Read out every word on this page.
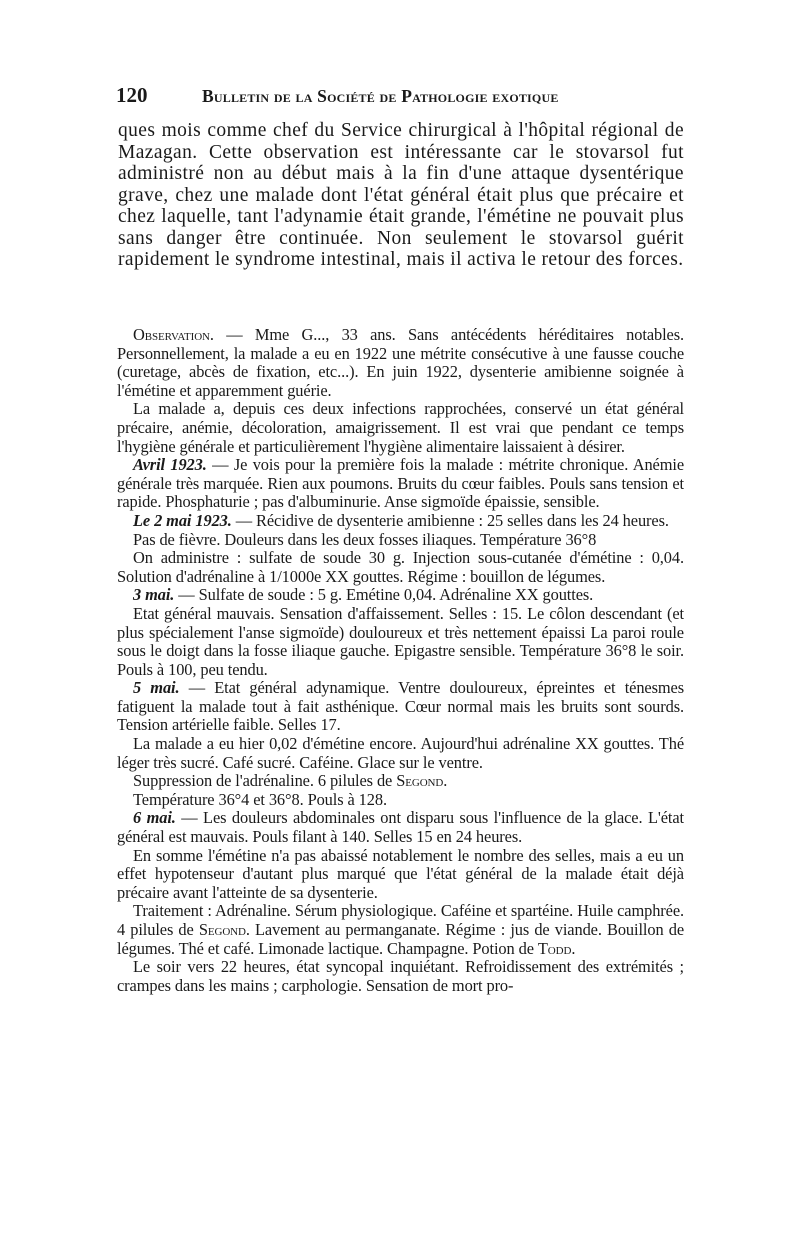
120	Bulletin de la Société de Pathologie exotique

ques mois comme chef du Service chirurgical à l'hôpital régional de Mazagan. Cette observation est intéressante car le stovarsol fut administré non au début mais à la fin d'une attaque dysentérique grave, chez une malade dont l'état général était plus que précaire et chez laquelle, tant l'adynamie était grande, l'émétine ne pouvait plus sans danger être continuée. Non seulement le stovarsol guérit rapidement le syndrome intestinal, mais il activa le retour des forces.

Observation. — Mme G..., 33 ans. Sans antécédents héréditaires notables. Personnellement, la malade a eu en 1922 une métrite consécutive à une fausse couche (curetage, abcès de fixation, etc...). En juin 1922, dysenterie amibienne soignée à l'émétine et apparemment guérie.

La malade a, depuis ces deux infections rapprochées, conservé un état général précaire, anémie, décoloration, amaigrissement. Il est vrai que pendant ce temps l'hygiène générale et particulièrement l'hygiène alimentaire laissaient à désirer.

Avril 1923. — Je vois pour la première fois la malade : métrite chronique. Anémie générale très marquée. Rien aux poumons. Bruits du cœur faibles. Pouls sans tension et rapide. Phosphaturie ; pas d'albuminurie. Anse sigmoïde épaissie, sensible.

Le 2 mai 1923. — Récidive de dysenterie amibienne : 25 selles dans les 24 heures.

Pas de fièvre. Douleurs dans les deux fosses iliaques. Température 36°8

On administre : sulfate de soude 30 g. Injection sous-cutanée d'émétine : 0,04. Solution d'adrénaline à 1/1000e XX gouttes. Régime : bouillon de légumes.

3 mai. — Sulfate de soude : 5 g. Emétine 0,04. Adrénaline XX gouttes.

Etat général mauvais. Sensation d'affaissement. Selles : 15. Le côlon descendant (et plus spécialement l'anse sigmoïde) douloureux et très nettement épaissi La paroi roule sous le doigt dans la fosse iliaque gauche. Epigastre sensible. Température 36°8 le soir. Pouls à 100, peu tendu.

5 mai. — Etat général adynamique. Ventre douloureux, épreintes et ténesmes fatiguent la malade tout à fait asthénique. Cœur normal mais les bruits sont sourds. Tension artérielle faible. Selles 17.

La malade a eu hier 0,02 d'émétine encore. Aujourd'hui adrénaline XX gouttes. Thé léger très sucré. Café sucré. Caféine. Glace sur le ventre.

Suppression de l'adrénaline. 6 pilules de Segond.

Température 36°4 et 36°8. Pouls à 128.

6 mai. — Les douleurs abdominales ont disparu sous l'influence de la glace. L'état général est mauvais. Pouls filant à 140. Selles 15 en 24 heures.

En somme l'émétine n'a pas abaissé notablement le nombre des selles, mais a eu un effet hypotenseur d'autant plus marqué que l'état général de la malade était déjà précaire avant l'atteinte de sa dysenterie.

Traitement : Adrénaline. Sérum physiologique. Caféine et spartéine. Huile camphrée. 4 pilules de Segond. Lavement au permanganate. Régime : jus de viande. Bouillon de légumes. Thé et café. Limonade lactique. Champagne. Potion de Todd.

Le soir vers 22 heures, état syncopal inquiétant. Refroidissement des extrémités ; crampes dans les mains ; carphologie. Sensation de mort pro-
